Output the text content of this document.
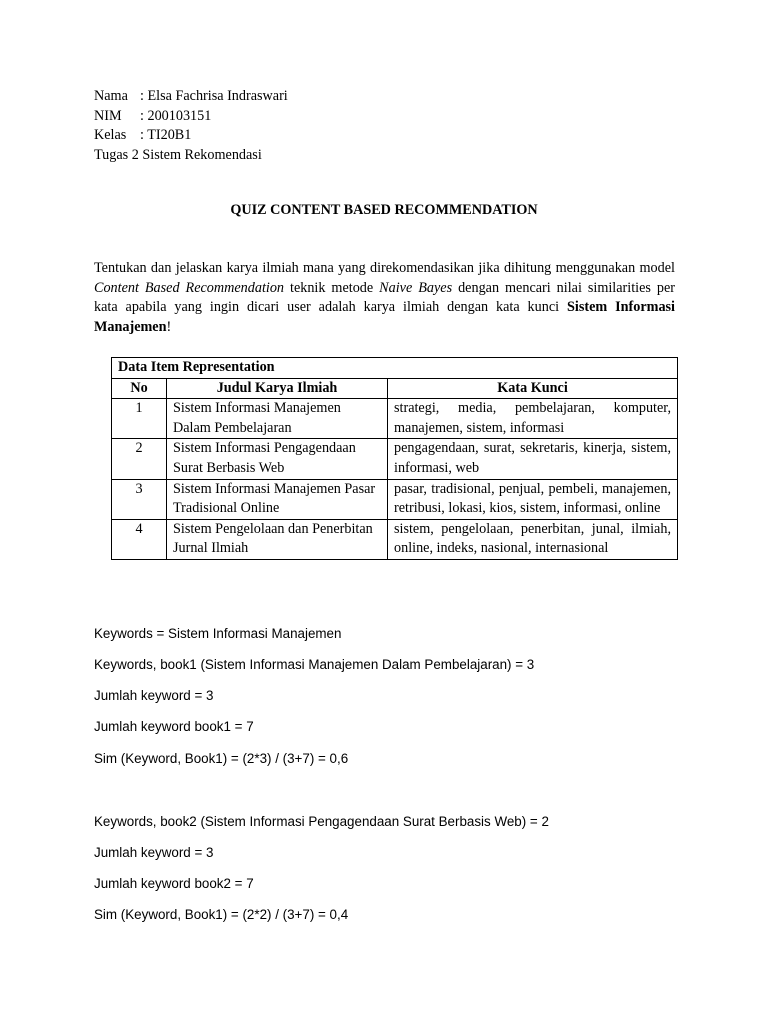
Nama : Elsa Fachrisa Indraswari
NIM : 200103151
Kelas : TI20B1
Tugas 2 Sistem Rekomendasi
QUIZ CONTENT BASED RECOMMENDATION

Tentukan dan jelaskan karya ilmiah mana yang direkomendasikan jika dihitung menggunakan model Content Based Recommendation teknik metode Naive Bayes dengan mencari nilai similarities per kata apabila yang ingin dicari user adalah karya ilmiah dengan kata kunci Sistem Informasi Manajemen!

Data Item Representation		
No	Judul Karya Ilmiah	Kata Kunci
1	Sistem Informasi Manajemen Dalam Pembelajaran	strategi, media, pembelajaran, komputer, manajemen, sistem, informasi
2	Sistem Informasi Pengagendaan Surat Berbasis Web	pengagendaan, surat, sekretaris, kinerja, sistem, informasi, web
3	Sistem Informasi Manajemen Pasar Tradisional Online	pasar, tradisional, penjual, pembeli, manajemen, retribusi, lokasi, kios, sistem, informasi, online
4	Sistem Pengelolaan dan Penerbitan Jurnal Ilmiah	sistem, pengelolaan, penerbitan, junal, ilmiah, online, indeks, nasional, internasional
Keywords = Sistem Informasi Manajemen
Keywords, book1 (Sistem Informasi Manajemen Dalam Pembelajaran) = 3
Jumlah keyword = 3
Jumlah keyword book1 = 7
Sim (Keyword, Book1) = (2*3) / (3+7) = 0,6
Keywords, book2 (Sistem Informasi Pengagendaan Surat Berbasis Web) = 2
Jumlah keyword = 3
Jumlah keyword book2 = 7
Sim (Keyword, Book1) = (2*2) / (3+7) = 0,4
